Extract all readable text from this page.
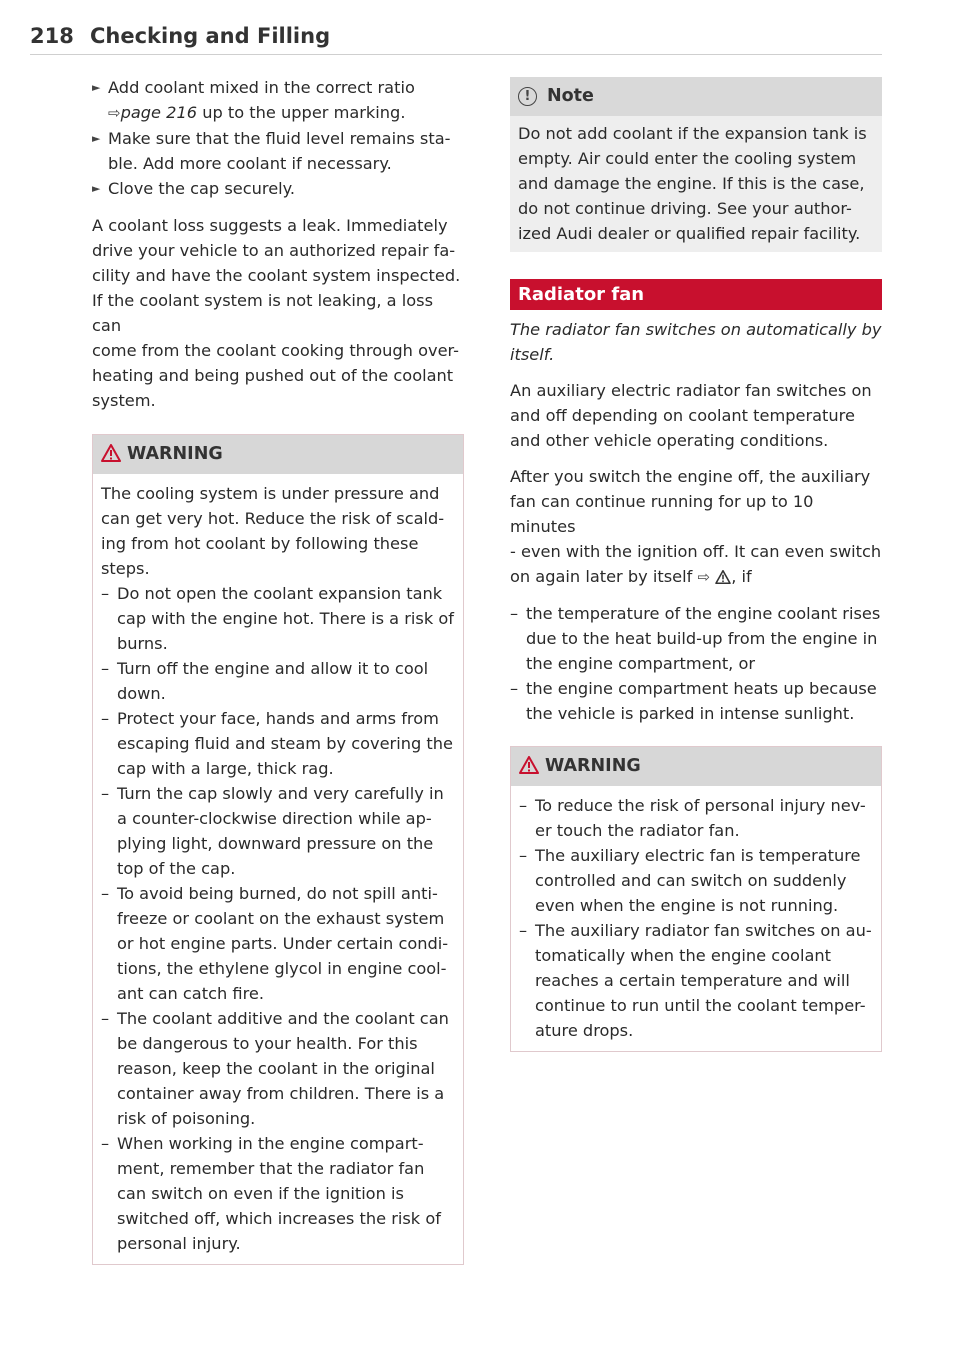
218 Checking and Filling
► Add coolant mixed in the correct ratio
⇨page 216 up to the upper marking.
► Make sure that the fluid level remains sta-
ble. Add more coolant if necessary.
► Clove the cap securely.
A coolant loss suggests a leak. Immediately
drive your vehicle to an authorized repair fa-
cility and have the coolant system inspected.
If the coolant system is not leaking, a loss can
come from the coolant cooking through over-
heating and being pushed out of the coolant
system.
WARNING
The cooling system is under pressure and
can get very hot. Reduce the risk of scald-
ing from hot coolant by following these
steps.
– Do not open the coolant expansion tank
cap with the engine hot. There is a risk of
burns.
– Turn off the engine and allow it to cool
down.
– Protect your face, hands and arms from
escaping fluid and steam by covering the
cap with a large, thick rag.
– Turn the cap slowly and very carefully in
a counter-clockwise direction while ap-
plying light, downward pressure on the
top of the cap.
– To avoid being burned, do not spill anti-
freeze or coolant on the exhaust system
or hot engine parts. Under certain condi-
tions, the ethylene glycol in engine cool-
ant can catch fire.
– The coolant additive and the coolant can
be dangerous to your health. For this
reason, keep the coolant in the original
container away from children. There is a
risk of poisoning.
– When working in the engine compart-
ment, remember that the radiator fan
can switch on even if the ignition is
switched off, which increases the risk of
personal injury.
! Note
Do not add coolant if the expansion tank is
empty. Air could enter the cooling system
and damage the engine. If this is the case,
do not continue driving. See your author-
ized Audi dealer or qualified repair facility.
Radiator fan
The radiator fan switches on automatically by
itself.
An auxiliary electric radiator fan switches on
and off depending on coolant temperature
and other vehicle operating conditions.
After you switch the engine off, the auxiliary
fan can continue running for up to 10 minutes
- even with the ignition off. It can even switch
on again later by itself ⇨ , if
– the temperature of the engine coolant rises
due to the heat build-up from the engine in
the engine compartment, or
– the engine compartment heats up because
the vehicle is parked in intense sunlight.
WARNING
– To reduce the risk of personal injury nev-
er touch the radiator fan.
– The auxiliary electric fan is temperature
controlled and can switch on suddenly
even when the engine is not running.
– The auxiliary radiator fan switches on au-
tomatically when the engine coolant
reaches a certain temperature and will
continue to run until the coolant temper-
ature drops.
